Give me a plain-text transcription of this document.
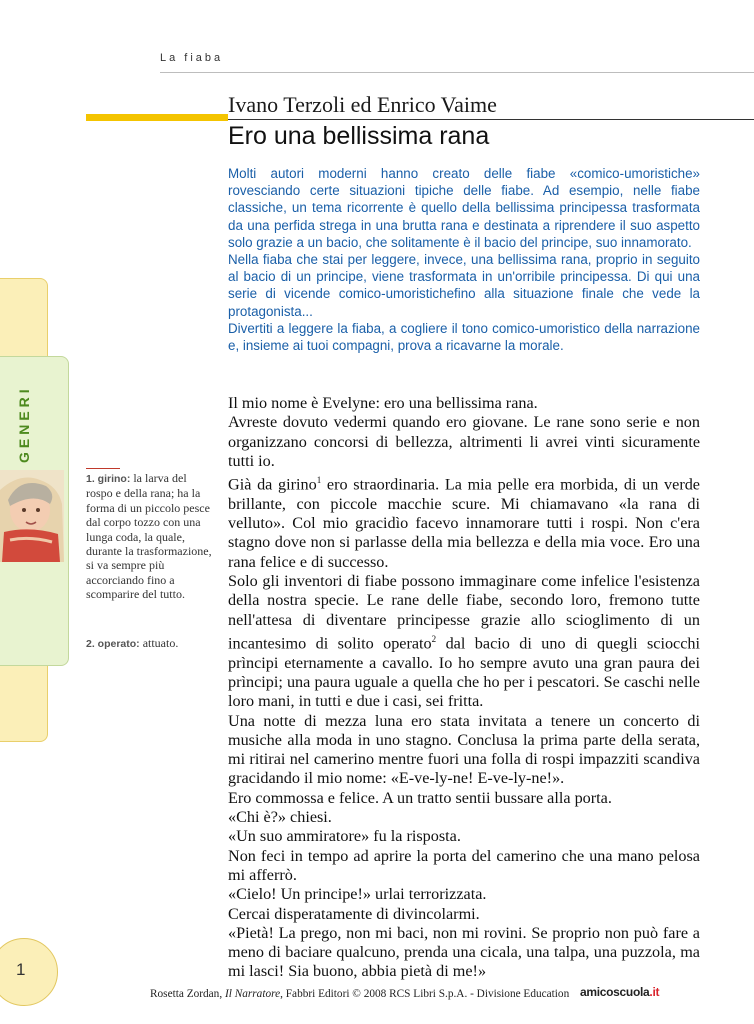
La fiaba
Ivano Terzoli ed Enrico Vaime
Ero una bellissima rana

Molti autori moderni hanno creato delle fiabe «comico-umoristiche» rovesciando certe situazioni tipiche delle fiabe. Ad esempio, nelle fiabe classiche, un tema ricorrente è quello della bellissima principessa trasformata da una perfida strega in una brutta rana e destinata a riprendere il suo aspetto solo grazie a un bacio, che solitamente è il bacio del principe, suo innamorato.

Nella fiaba che stai per leggere, invece, una bellissima rana, proprio in seguito al bacio di un principe, viene trasformata in un'orribile principessa. Di qui una serie di vicende comico-umoristichefino alla situazione finale che vede la protagonista...

Divertiti a leggere la fiaba, a cogliere il tono comico-umoristico della narrazione e, insieme ai tuoi compagni, prova a ricavarne la morale.

GENERI

1. girino: la larva del rospo e della rana; ha la forma di un piccolo pesce dal corpo tozzo con una lunga coda, la quale, durante la trasformazione, si va sempre più accorciando fino a scomparire del tutto.

2. operato: attuato.

Il mio nome è Evelyne: ero una bellissima rana.

Avreste dovuto vedermi quando ero giovane. Le rane sono serie e non organizzano concorsi di bellezza, altrimenti li avrei vinti sicuramente tutti io.

Già da girino$^1$ ero straordinaria. La mia pelle era morbida, di un verde brillante, con piccole macchie scure. Mi chiamavano «la rana di velluto». Col mio gracidìo facevo innamorare tutti i rospi. Non c'era stagno dove non si parlasse della mia bellezza e della mia voce. Ero una rana felice e di successo.

Solo gli inventori di fiabe possono immaginare come infelice l'esistenza della nostra specie. Le rane delle fiabe, secondo loro, fremono tutte nell'attesa di diventare principesse grazie allo scioglimento di un incantesimo di solito operato$^2$ dal bacio di uno di quegli sciocchi prìncipi eternamente a cavallo. Io ho sempre avuto una gran paura dei prìncipi; una paura uguale a quella che ho per i pescatori. Se caschi nelle loro mani, in tutti e due i casi, sei fritta.

Una notte di mezza luna ero stata invitata a tenere un concerto di musiche alla moda in uno stagno. Conclusa la prima parte della serata, mi ritirai nel camerino mentre fuori una folla di rospi impazziti scandiva gracidando il mio nome: «E-ve-ly-ne! E-ve-ly-ne!».

Ero commossa e felice. A un tratto sentii bussare alla porta.

«Chi è?» chiesi.

«Un suo ammiratore» fu la risposta.

Non feci in tempo ad aprire la porta del camerino che una mano pelosa mi afferrò.

«Cielo! Un principe!» urlai terrorizzata.

Cercai disperatamente di divincolarmi.

«Pietà! La prego, non mi baci, non mi rovini. Se proprio non può fare a meno di baciare qualcuno, prenda una cicala, una talpa, una puzzola, ma mi lasci! Sia buono, abbia pietà di me!»

1
Rosetta Zordan, Il Narratore, Fabbri Editori © 2008 RCS Libri S.p.A. - Divisione Education amicoscuola.it
